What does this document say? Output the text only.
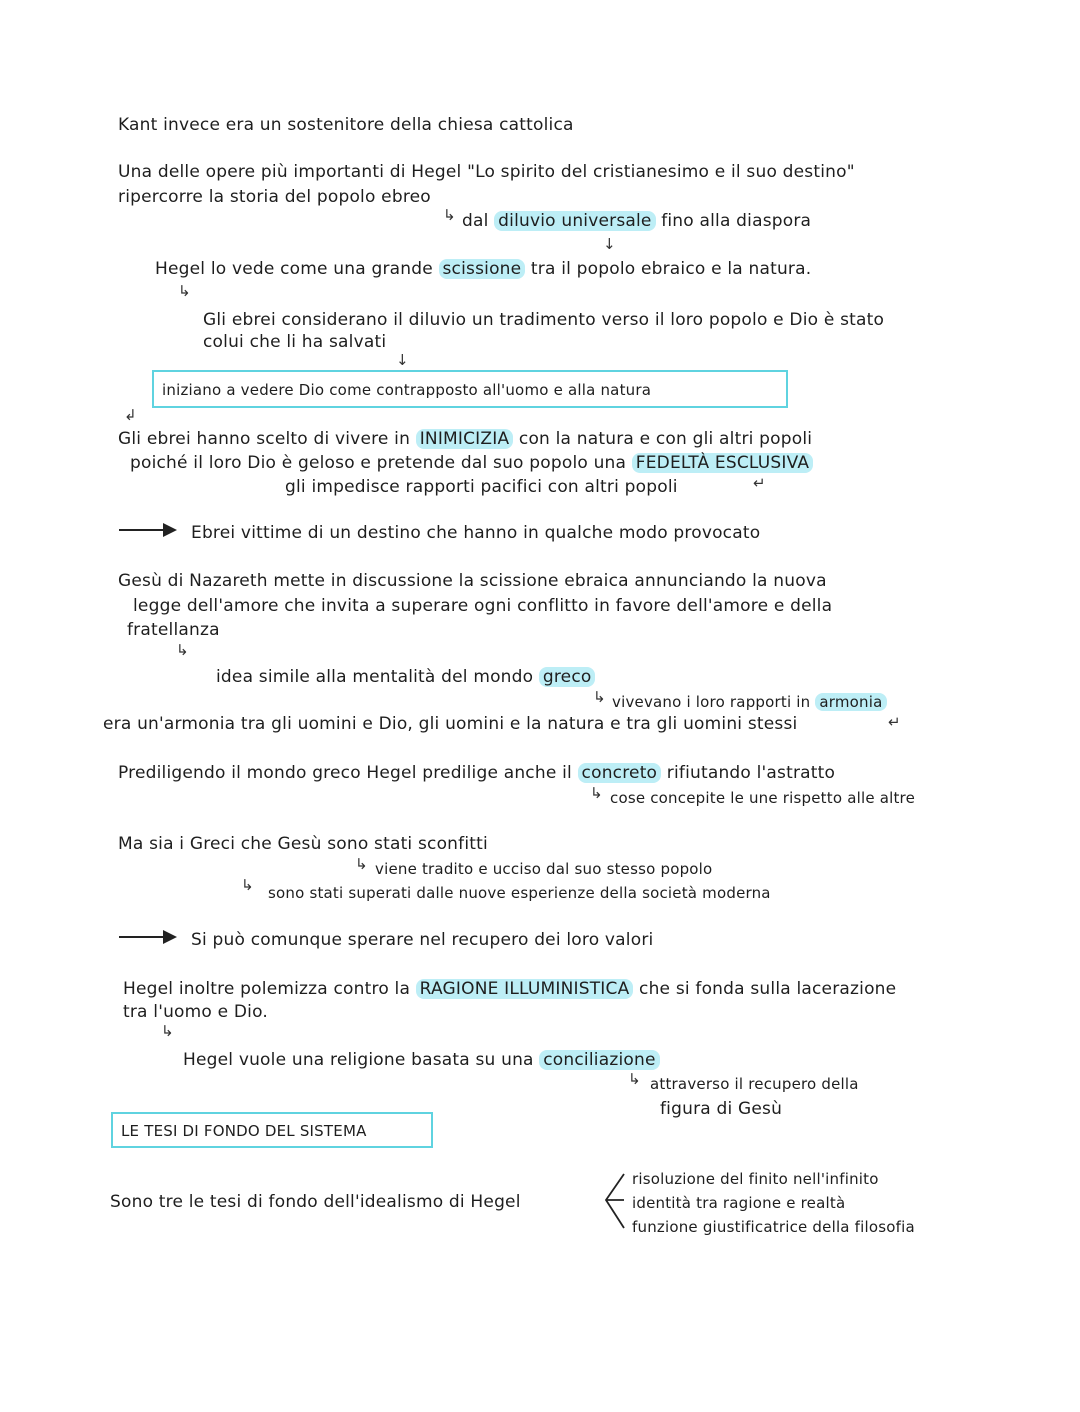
Kant invece era un sostenitore della chiesa cattolica
Una delle opere più importanti di Hegel "Lo spirito del cristianesimo e il suo destino"
ripercorre la storia del popolo ebreo
↳ dal diluvio universale fino alla diaspora
↓
Hegel lo vede come una grande scissione tra il popolo ebraico e la natura.
↳
Gli ebrei considerano il diluvio un tradimento verso il loro popolo e Dio è stato
colui che li ha salvati
↓
iniziano a vedere Dio come contrapposto all'uomo e alla natura
↲
Gli ebrei hanno scelto di vivere in INIMICIZIA con la natura e con gli altri popoli
poiché il loro Dio è geloso e pretende dal suo popolo una FEDELTÀ ESCLUSIVA
gli impedisce rapporti pacifici con altri popoli	↵
Ebrei vittime di un destino che hanno in qualche modo provocato
Gesù di Nazareth mette in discussione la scissione ebraica annunciando la nuova
legge dell'amore che invita a superare ogni conflitto in favore dell'amore e della
fratellanza
↳
idea simile alla mentalità del mondo greco
↳ vivevano i loro rapporti in armonia
era un'armonia tra gli uomini e Dio, gli uomini e la natura e tra gli uomini stessi	↵
Prediligendo il mondo greco Hegel predilige anche il concreto rifiutando l'astratto
↳ cose concepite le une rispetto alle altre
Ma sia i Greci che Gesù sono stati sconfitti
↳ viene tradito e ucciso dal suo stesso popolo
↳ sono stati superati dalle nuove esperienze della società moderna
Si può comunque sperare nel recupero dei loro valori
Hegel inoltre polemizza contro la RAGIONE ILLUMINISTICA che si fonda sulla lacerazione
tra l'uomo e Dio.
↳
Hegel vuole una religione basata su una conciliazione
↳ attraverso il recupero della
figura di Gesù
LE TESI DI FONDO DEL SISTEMA
Sono tre le tesi di fondo dell'idealismo di Hegel
risoluzione del finito nell'infinito
identità tra ragione e realtà
funzione giustificatrice della filosofia
